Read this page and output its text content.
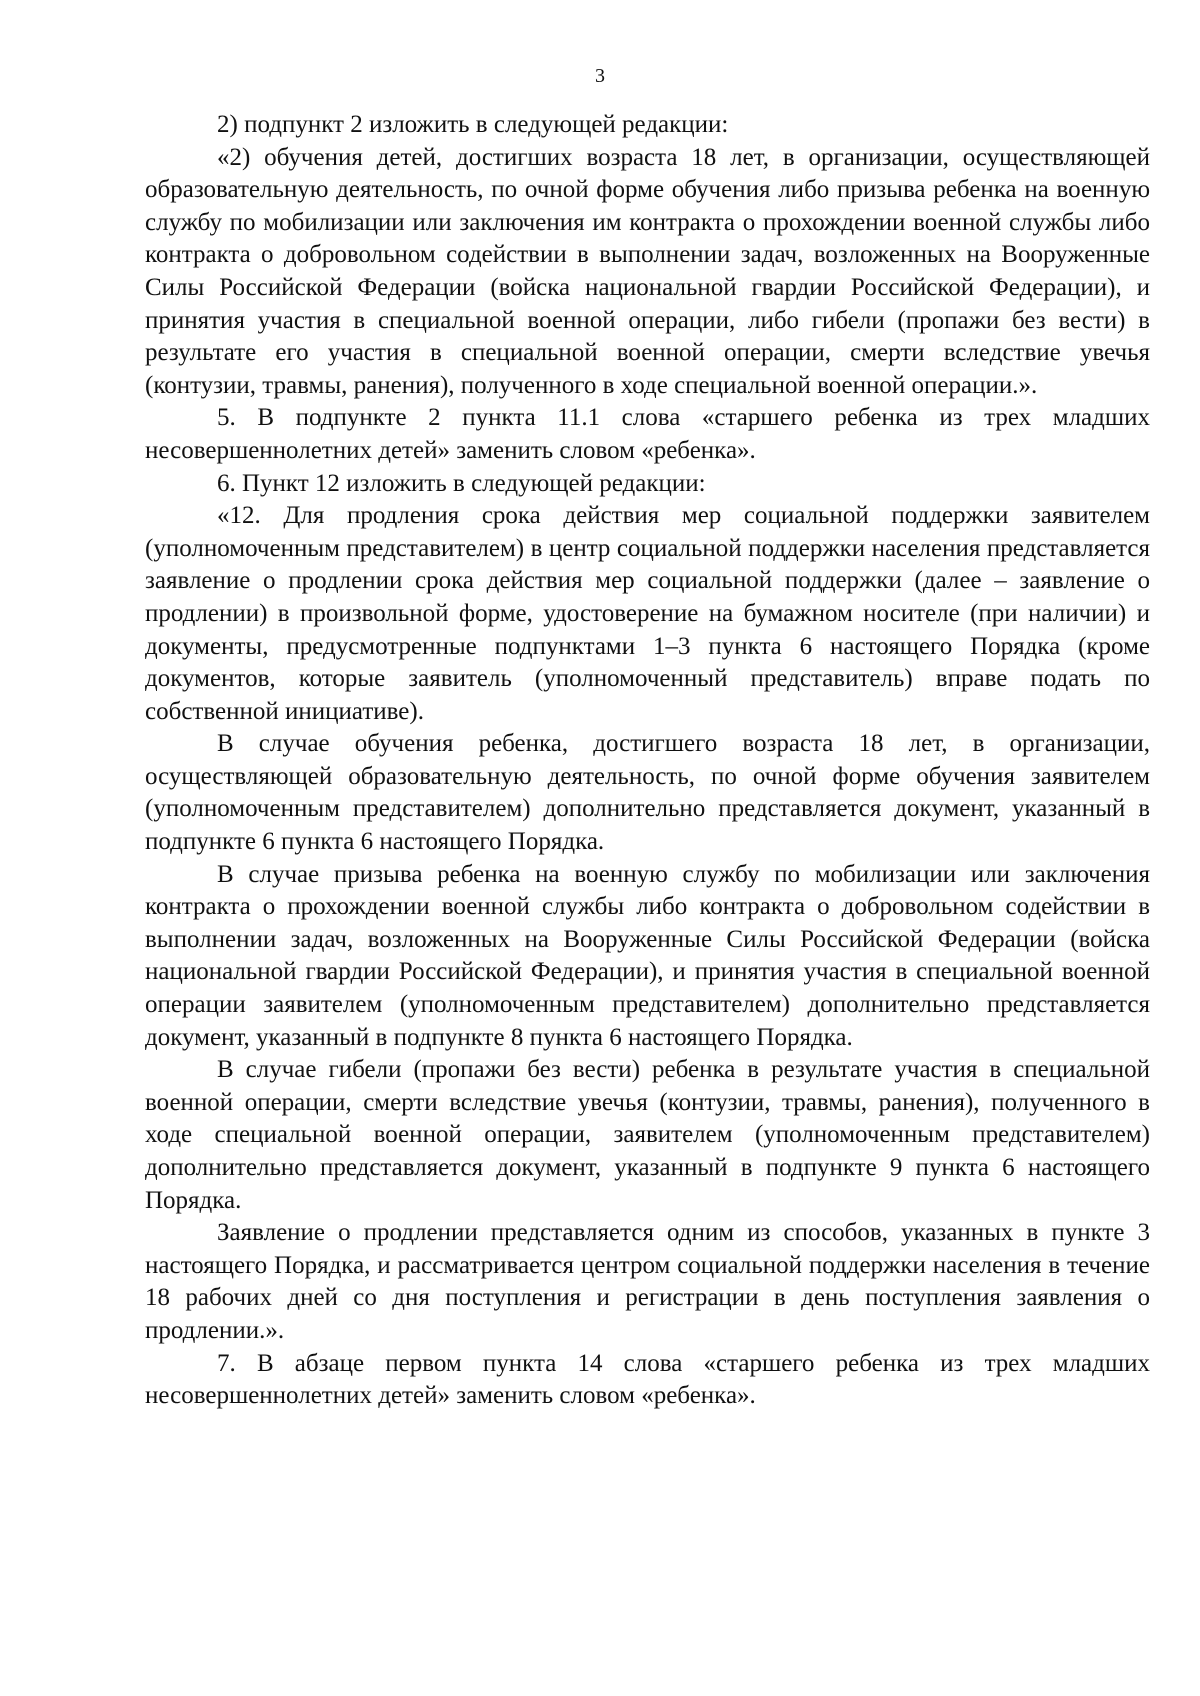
3

2) подпункт 2 изложить в следующей редакции:

«2) обучения детей, достигших возраста 18 лет, в организации, осуществляющей образовательную деятельность, по очной форме обучения либо призыва ребенка на военную службу по мобилизации или заключения им контракта о прохождении военной службы либо контракта о добровольном содействии в выполнении задач, возложенных на Вооруженные Силы Российской Федерации (войска национальной гвардии Российской Федерации), и принятия участия в специальной военной операции, либо гибели (пропажи без вести) в результате его участия в специальной военной операции, смерти вследствие увечья (контузии, травмы, ранения), полученного в ходе специальной военной операции.».

5. В подпункте 2 пункта 11.1 слова «старшего ребенка из трех младших несовершеннолетних детей» заменить словом «ребенка».

6. Пункт 12 изложить в следующей редакции:

«12. Для продления срока действия мер социальной поддержки заявителем (уполномоченным представителем) в центр социальной поддержки населения представляется заявление о продлении срока действия мер социальной поддержки (далее – заявление о продлении) в произвольной форме, удостоверение на бумажном носителе (при наличии) и документы, предусмотренные подпунктами 1–3 пункта 6 настоящего Порядка (кроме документов, которые заявитель (уполномоченный представитель) вправе подать по собственной инициативе).

В случае обучения ребенка, достигшего возраста 18 лет, в организации, осуществляющей образовательную деятельность, по очной форме обучения заявителем (уполномоченным представителем) дополнительно представляется документ, указанный в подпункте 6 пункта 6 настоящего Порядка.

В случае призыва ребенка на военную службу по мобилизации или заключения контракта о прохождении военной службы либо контракта о добровольном содействии в выполнении задач, возложенных на Вооруженные Силы Российской Федерации (войска национальной гвардии Российской Федерации), и принятия участия в специальной военной операции заявителем (уполномоченным представителем) дополнительно представляется документ, указанный в подпункте 8 пункта 6 настоящего Порядка.

В случае гибели (пропажи без вести) ребенка в результате участия в специальной военной операции, смерти вследствие увечья (контузии, травмы, ранения), полученного в ходе специальной военной операции, заявителем (уполномоченным представителем) дополнительно представляется документ, указанный в подпункте 9 пункта 6 настоящего Порядка.

Заявление о продлении представляется одним из способов, указанных в пункте 3 настоящего Порядка, и рассматривается центром социальной поддержки населения в течение 18 рабочих дней со дня поступления и регистрации в день поступления заявления о продлении.».

7. В абзаце первом пункта 14 слова «старшего ребенка из трех младших несовершеннолетних детей» заменить словом «ребенка».
